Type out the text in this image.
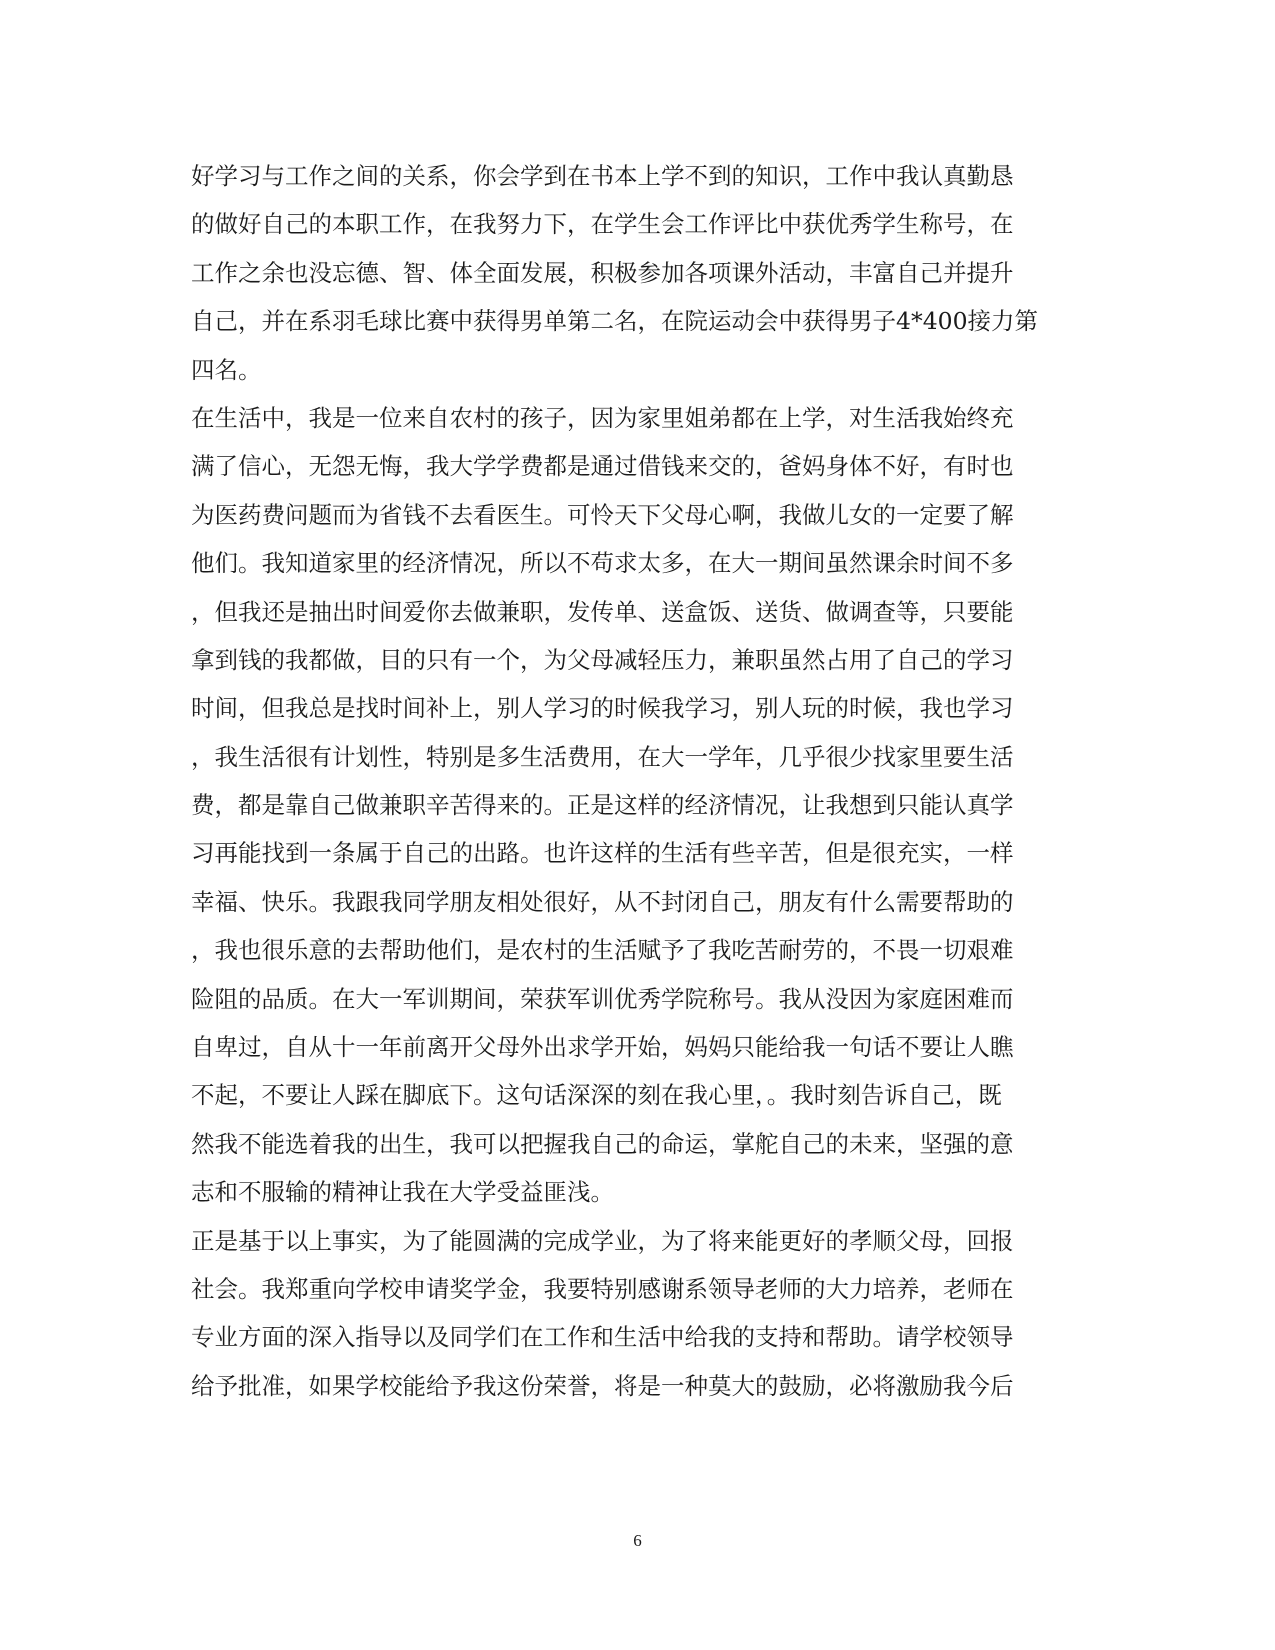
好学习与工作之间的关系，你会学到在书本上学不到的知识，工作中我认真勤恳
的做好自己的本职工作，在我努力下，在学生会工作评比中获优秀学生称号，在
工作之余也没忘德、智、体全面发展，积极参加各项课外活动，丰富自己并提升
自己，并在系羽毛球比赛中获得男单第二名，在院运动会中获得男子4*400接力第
四名。
在生活中，我是一位来自农村的孩子，因为家里姐弟都在上学，对生活我始终充
满了信心，无怨无悔，我大学学费都是通过借钱来交的，爸妈身体不好，有时也
为医药费问题而为省钱不去看医生。可怜天下父母心啊，我做儿女的一定要了解
他们。我知道家里的经济情况，所以不苟求太多，在大一期间虽然课余时间不多
，但我还是抽出时间爱你去做兼职，发传单、送盒饭、送货、做调查等，只要能
拿到钱的我都做，目的只有一个，为父母减轻压力，兼职虽然占用了自己的学习
时间，但我总是找时间补上，别人学习的时候我学习，别人玩的时候，我也学习
，我生活很有计划性，特别是多生活费用，在大一学年，几乎很少找家里要生活
费，都是靠自己做兼职辛苦得来的。正是这样的经济情况，让我想到只能认真学
习再能找到一条属于自己的出路。也许这样的生活有些辛苦，但是很充实，一样
幸福、快乐。我跟我同学朋友相处很好，从不封闭自己，朋友有什么需要帮助的
，我也很乐意的去帮助他们，是农村的生活赋予了我吃苦耐劳的，不畏一切艰难
险阻的品质。在大一军训期间，荣获军训优秀学院称号。我从没因为家庭困难而
自卑过，自从十一年前离开父母外出求学开始，妈妈只能给我一句话不要让人瞧
不起，不要让人踩在脚底下。这句话深深的刻在我心里，。我时刻告诉自己，既
然我不能选着我的出生，我可以把握我自己的命运，掌舵自己的未来，坚强的意
志和不服输的精神让我在大学受益匪浅。
正是基于以上事实，为了能圆满的完成学业，为了将来能更好的孝顺父母，回报
社会。我郑重向学校申请奖学金，我要特别感谢系领导老师的大力培养，老师在
专业方面的深入指导以及同学们在工作和生活中给我的支持和帮助。请学校领导
给予批准，如果学校能给予我这份荣誉，将是一种莫大的鼓励，必将激励我今后
6
